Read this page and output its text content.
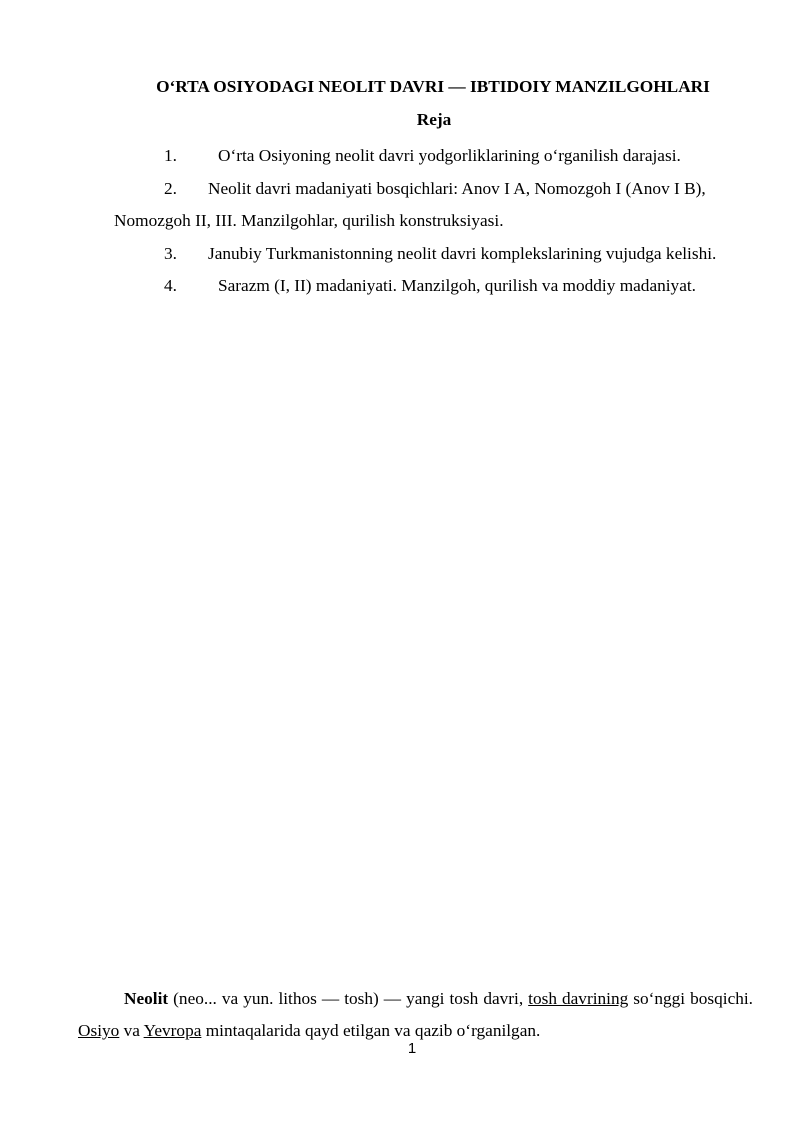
O‘RTA OSIYODAGI NEOLIT DAVRI — IBTIDOIY MANZILGOHLARI
Reja

1. O‘rta Osiyoning neolit davri yodgorliklarining o‘rganilish darajasi.

2. Neolit davri madaniyati bosqichlari: Anov I A, Nomozgoh I (Anov I B), Nomozgoh II, III. Manzilgohlar, qurilish konstruksiyasi.

3. Janubiy Turkmanistonning neolit davri komplekslarining vujudga kelishi.

4. Sarazm (I, II) madaniyati. Manzilgoh, qurilish va moddiy madaniyat.

Neolit (neo... va yun. lithos — tosh) — yangi tosh davri, tosh davrining so‘nggi bosqichi. Osiyo va Yevropa mintaqalarida qayd etilgan va qazib o‘rganilgan.
1
